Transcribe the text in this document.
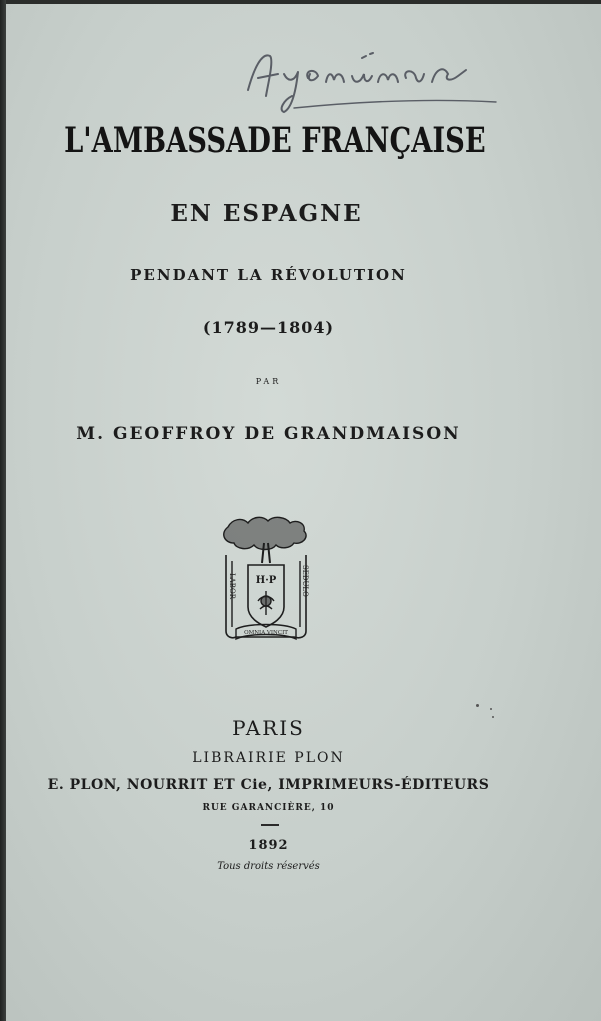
L'AMBASSADE FRANÇAISE
EN ESPAGNE
PENDANT LA RÉVOLUTION
(1789—1804)
PAR
M. GEOFFROY DE GRANDMAISON
H·P
LABOR	SEDULO
OMNIA VINCIT
PARIS
LIBRAIRIE PLON
E. PLON, NOURRIT ET Cie, IMPRIMEURS-ÉDITEURS
RUE GARANCIÈRE, 10
1892
Tous droits réservés
